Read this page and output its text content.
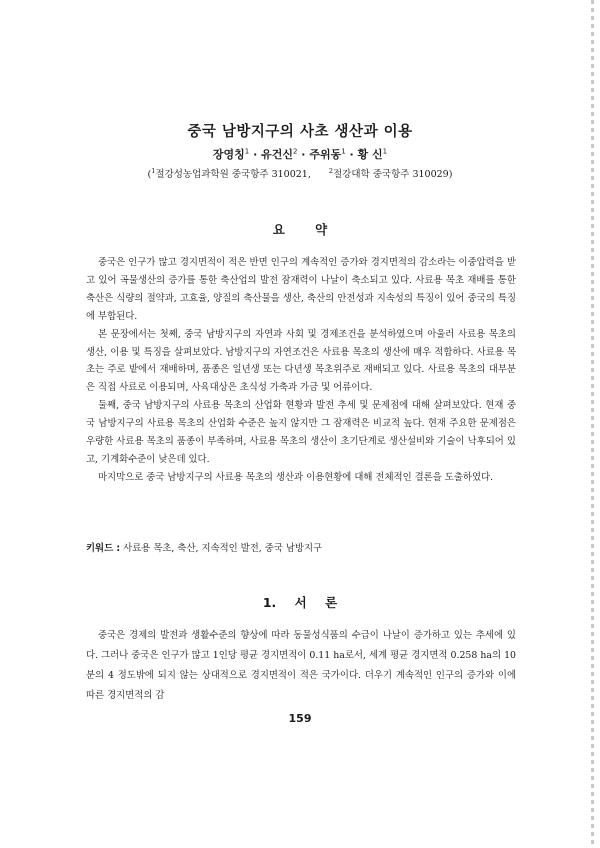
중국 남방지구의 사초 생산과 이용
장영칭$^1$ · 유건신$^2$ · 주위동$^1$ · 황 신$^1$
($^1$절강성농업과학원 중국항주 310021,	$^2$절강대학 중국항주 310029)
요 약

중국은 인구가 많고 경지면적이 적은 반면 인구의 계속적인 증가와 경지면적의 감소라는 이중압력을 받고 있어 곡물생산의 증가를 통한 축산업의 발전 잠재력이 나날이 축소되고 있다. 사료용 목초 재배를 통한 축산은 식량의 절약과, 고효율, 양질의 축산물을 생산, 축산의 안전성과 지속성의 특징이 있어 중국의 특징에 부합된다.

본 문장에서는 첫째, 중국 남방지구의 자연과 사회 및 경제조건을 분석하였으며 아울러 사료용 목초의 생산, 이용 및 특징을 살펴보았다. 남방지구의 자연조건은 사료용 목초의 생산에 매우 적합하다. 사료용 목초는 주로 밭에서 재배하며, 품종은 일년생 또는 다년생 목초위주로 재배되고 있다. 사료용 목초의 대부분은 직접 사료로 이용되며, 사육대상은 초식성 가축과 가금 및 어류이다.

둘째, 중국 남방지구의 사료용 목초의 산업화 현황과 발전 추세 및 문제점에 대해 살펴보았다. 현재 중국 남방지구의 사료용 목초의 산업화 수준은 높지 않지만 그 잠재력은 비교적 높다. 현재 주요한 문제점은 우량한 사료용 목초의 품종이 부족하며, 사료용 목초의 생산이 초기단계로 생산설비와 기술이 낙후되어 있고, 기계화수준이 낮은데 있다.

마지막으로 중국 남방지구의 사료용 목초의 생산과 이용현황에 대해 전체적인 결론을 도출하였다.

키워드 : 사료용 목초, 축산, 지속적인 발전, 중국 남방지구
1. 서 론

중국은 경제의 발전과 생활수준의 향상에 따라 동물성식품의 수급이 나날이 증가하고 있는 추세에 있다. 그러나 중국은 인구가 많고 1인당 평균 경지면적이 0.11 ha로서, 세계 평균 경지면적 0.258 ha의 10분의 4 정도밖에 되지 않는 상대적으로 경지면적이 적은 국가이다. 더우기 계속적인 인구의 증가와 이에 따른 경지면적의 감

159
